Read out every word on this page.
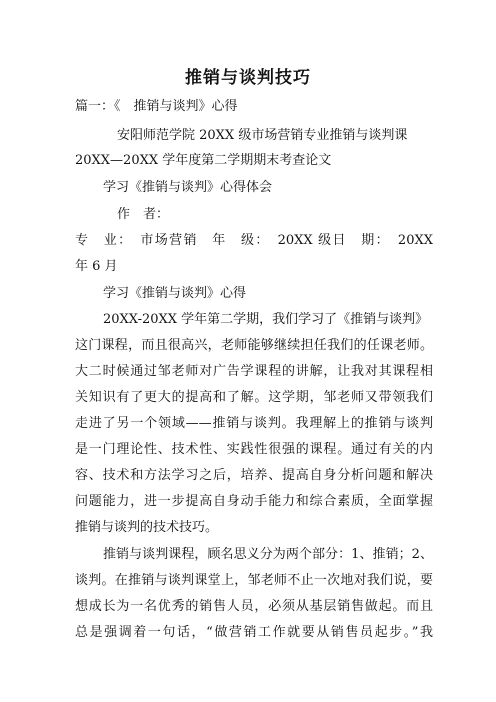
推销与谈判技巧
篇一：《　推销与谈判》心得
安阳师范学院 20XX 级市场营销专业推销与谈判课
20XX—20XX 学年度第二学期期末考查论文
学习《推销与谈判》心得体会
作　者：
专　业：　市场营销　年　级：　20XX 级日　期：　20XX
年 6 月
学习《推销与谈判》心得
20XX-20XX 学年第二学期，我们学习了《推销与谈判》
这门课程，而且很高兴，老师能够继续担任我们的任课老师。
大二时候通过邹老师对广告学课程的讲解，让我对其课程相
关知识有了更大的提高和了解。这学期，邹老师又带领我们
走进了另一个领域——推销与谈判。我理解上的推销与谈判
是一门理论性、技术性、实践性很强的课程。通过有关的内
容、技术和方法学习之后，培养、提高自身分析问题和解决
问题能力，进一步提高自身动手能力和综合素质，全面掌握
推销与谈判的技术技巧。
推销与谈判课程，顾名思义分为两个部分：1、推销；2、
谈判。在推销与谈判课堂上，邹老师不止一次地对我们说，要
想成长为一名优秀的销售人员，必须从基层销售做起。而且
总是强调着一句话，“做营销工作就要从销售员起步。”我
